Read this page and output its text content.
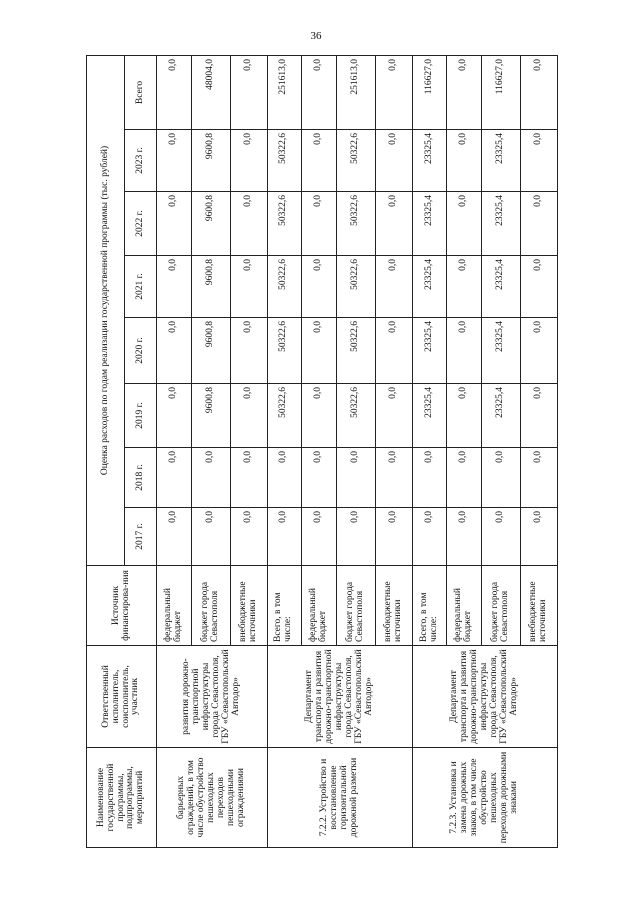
36
Наименование государственной программы, подпрограммы, мероприятий	Ответственный исполнитель, соисполнитель, участник	Источник финансирова-ния	Оценка расходов по годам реализации государственной программы (тыс. рублей)							
			2017 г.	2018 г.	2019 г.	2020 г.	2021 г.	2022 г.	2023 г.	Всего
барьерных ограждений, в том числе обустройство пешеходных переходов пешеходными ограждениями	развития дорожно-транспортной инфраструктуры города Севастополя, ГБУ «Севастопольский Автодор»	федеральный бюджет	0,0	0,0	0,0	0,0	0,0	0,0	0,0	0,0
		бюджет города Севастополя	0,0	0,0	9600,8	9600,8	9600,8	9600,8	9600,8	48004,0
		внебюджетные источники	0,0	0,0	0,0	0,0	0,0	0,0	0,0	0,0
7.2.2. Устройство и восстановление горизонтальной дорожной разметки	Департамент транспорта и развития дорожно-транспортной инфраструктуры города Севастополя, ГБУ «Севастопольский Автодор»	Всего, в том числе:	0,0	0,0	50322,6	50322,6	50322,6	50322,6	50322,6	251613,0
		федеральный бюджет	0,0	0,0	0,0	0,0	0,0	0,0	0,0	0,0
		бюджет города Севастополя	0,0	0,0	50322,6	50322,6	50322,6	50322,6	50322,6	251613,0
		внебюджетные источники	0,0	0,0	0,0	0,0	0,0	0,0	0,0	0,0
7.2.3. Установка и замена дорожных знаков, в том числе обустройство пешеходных переходов дорожными знаками	Департамент транспорта и развития дорожно-транспортной инфраструктуры города Севастополя, ГБУ «Севастопольский Автодор»	Всего, в том числе:	0,0	0,0	23325,4	23325,4	23325,4	23325,4	23325,4	116627,0
		федеральный бюджет	0,0	0,0	0,0	0,0	0,0	0,0	0,0	0,0
		бюджет города Севастополя	0,0	0,0	23325,4	23325,4	23325,4	23325,4	23325,4	116627,0
		внебюджетные источники	0,0	0,0	0,0	0,0	0,0	0,0	0,0	0,0
